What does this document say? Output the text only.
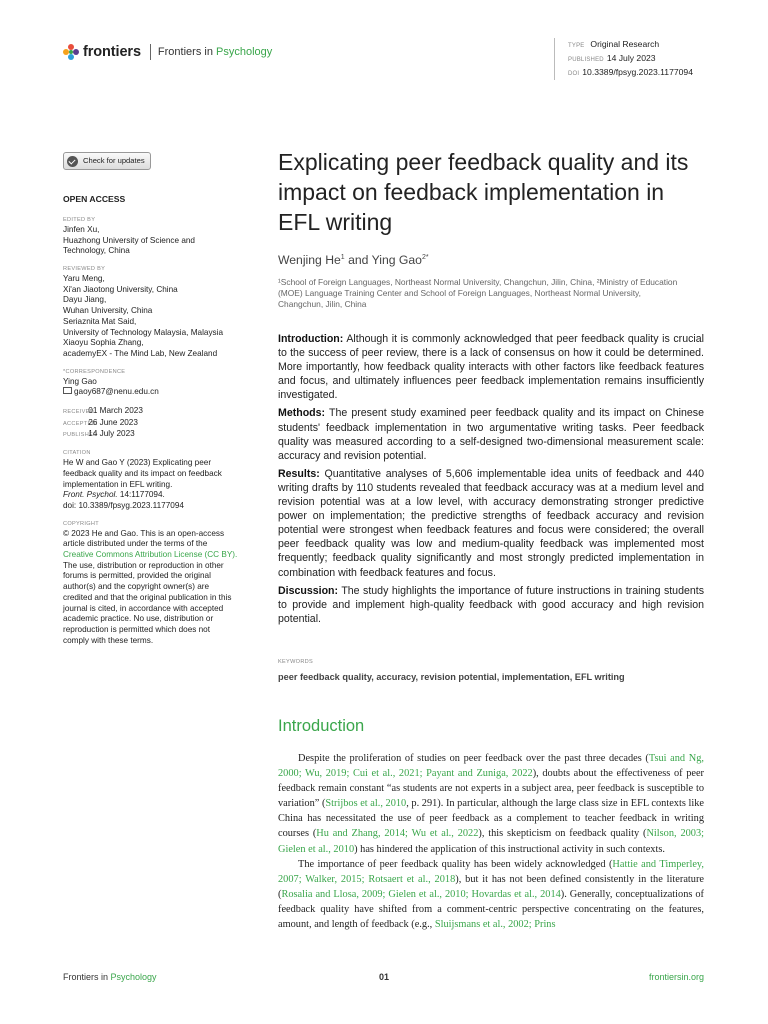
frontiers Frontiers in Psychology	TYPE Original Research
PUBLISHED 14 July 2023
DOI 10.3389/fpsyg.2023.1177094
Check for updates
OPEN ACCESS
EDITED BY
Jinfen Xu,
Huazhong University of Science and
Technology, China
REVIEWED BY
Yaru Meng,
Xi'an Jiaotong University, China
Dayu Jiang,
Wuhan University, China
Seriaznita Mat Said,
University of Technology Malaysia, Malaysia
Xiaoyu Sophia Zhang,
academyEX - The Mind Lab, New Zealand
*CORRESPONDENCE
Ying Gao
gaoy687@nenu.edu.cn
RECEIVED 01 March 2023
ACCEPTED 26 June 2023
PUBLISHED 14 July 2023
CITATION
He W and Gao Y (2023) Explicating peer
feedback quality and its impact on feedback
implementation in EFL writing.
Front. Psychol. 14:1177094.
doi: 10.3389/fpsyg.2023.1177094
COPYRIGHT
© 2023 He and Gao. This is an open-access
article distributed under the terms of the
Creative Commons Attribution License (CC BY).
The use, distribution or reproduction in other
forums is permitted, provided the original
author(s) and the copyright owner(s) are
credited and that the original publication in this
journal is cited, in accordance with accepted
academic practice. No use, distribution or
reproduction is permitted which does not
comply with these terms.
Explicating peer feedback quality and its impact on feedback implementation in EFL writing
Wenjing He$^1$ and Ying Gao$^{2*}$
¹School of Foreign Languages, Northeast Normal University, Changchun, Jilin, China, ²Ministry of Education (MOE) Language Training Center and School of Foreign Languages, Northeast Normal University, Changchun, Jilin, China

Introduction: Although it is commonly acknowledged that peer feedback quality is crucial to the success of peer review, there is a lack of consensus on how it could be determined. More importantly, how feedback quality interacts with other factors like feedback features and focus, and ultimately influences peer feedback implementation remains insufficiently investigated.

Methods: The present study examined peer feedback quality and its impact on Chinese students' feedback implementation in two argumentative writing tasks. Peer feedback quality was measured according to a self-designed two-dimensional measurement scale: accuracy and revision potential.

Results: Quantitative analyses of 5,606 implementable idea units of feedback and 440 writing drafts by 110 students revealed that feedback accuracy was at a medium level and revision potential was at a low level, with accuracy demonstrating stronger predictive power on implementation; the predictive strengths of feedback accuracy and revision potential were strongest when feedback features and focus were considered; the overall peer feedback quality was low and medium-quality feedback was implemented most frequently; feedback quality significantly and most strongly predicted implementation in combination with feedback features and focus.

Discussion: The study highlights the importance of future instructions in training students to provide and implement high-quality feedback with good accuracy and high revision potential.

KEYWORDS
peer feedback quality, accuracy, revision potential, implementation, EFL writing
Introduction

Despite the proliferation of studies on peer feedback over the past three decades (Tsui and Ng, 2000; Wu, 2019; Cui et al., 2021; Payant and Zuniga, 2022), doubts about the effectiveness of peer feedback remain constant “as students are not experts in a subject area, peer feedback is susceptible to variation” (Strijbos et al., 2010, p. 291). In particular, although the large class size in EFL contexts like China has necessitated the use of peer feedback as a complement to teacher feedback in writing courses (Hu and Zhang, 2014; Wu et al., 2022), this skepticism on feedback quality (Nilson, 2003; Gielen et al., 2010) has hindered the application of this instructional activity in such contexts.

The importance of peer feedback quality has been widely acknowledged (Hattie and Timperley, 2007; Walker, 2015; Rotsaert et al., 2018), but it has not been defined consistently in the literature (Rosalia and Llosa, 2009; Gielen et al., 2010; Hovardas et al., 2014). Generally, conceptualizations of feedback quality have shifted from a comment-centric perspective concentrating on the features, amount, and length of feedback (e.g., Sluijsmans et al., 2002; Prins

Frontiers in Psychology	01	frontiersin.org
